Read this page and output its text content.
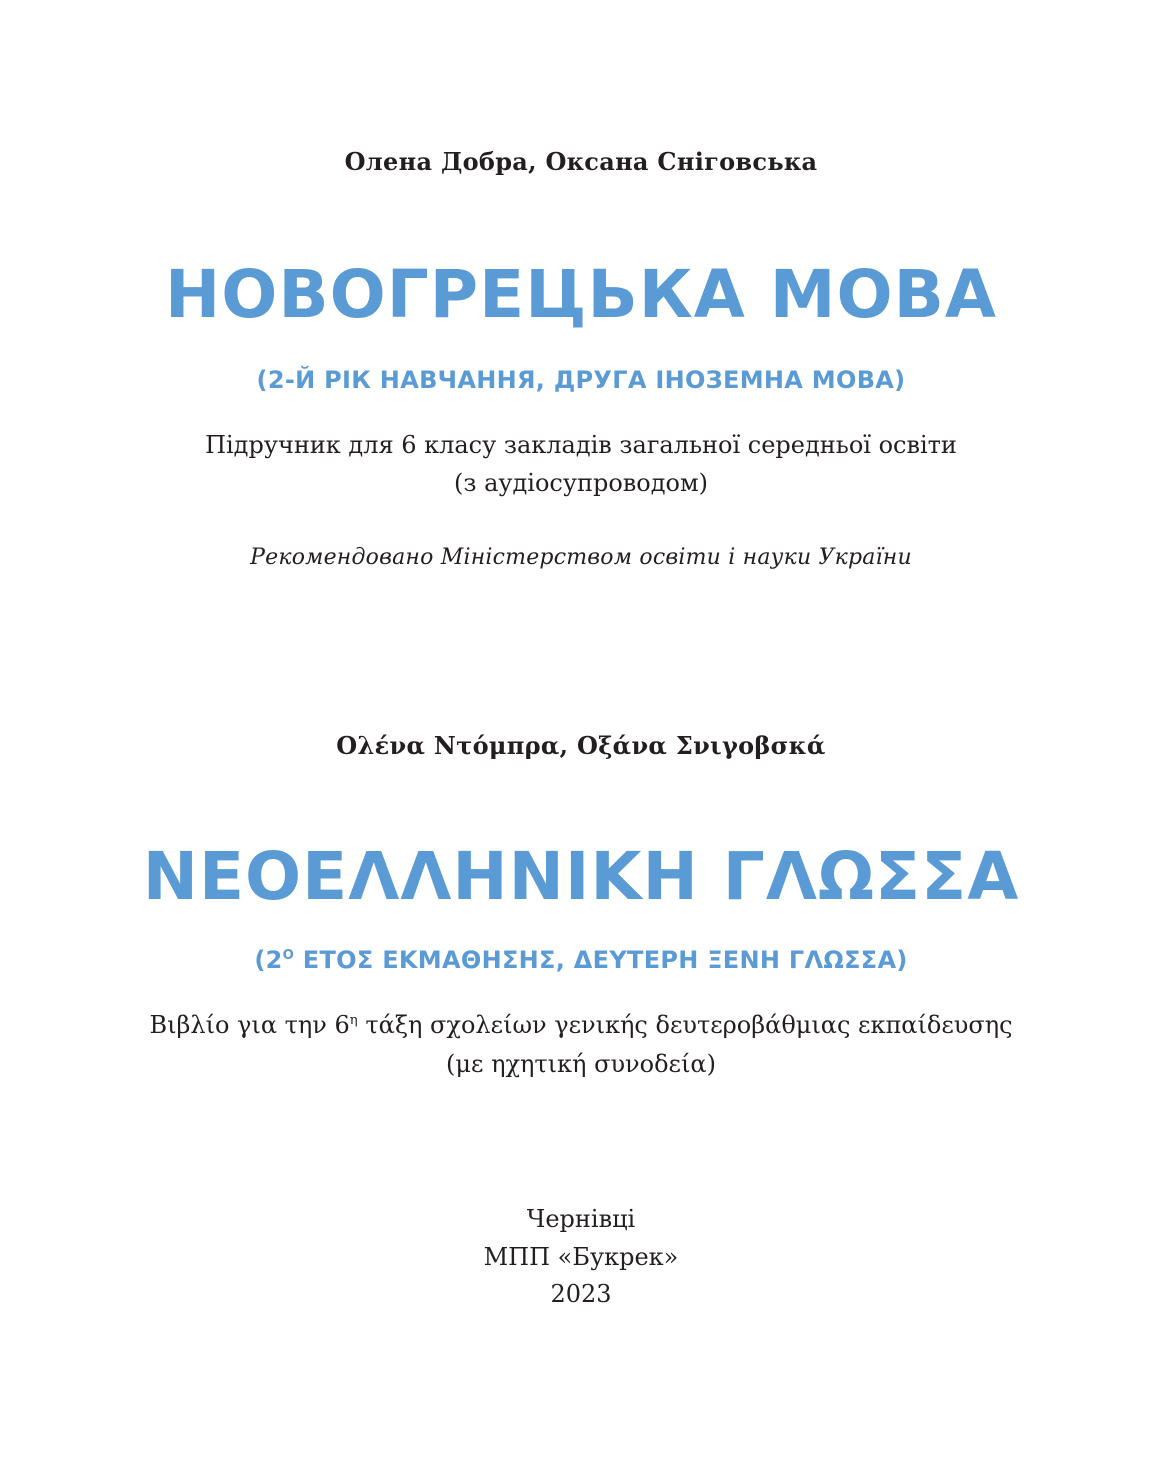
Олена Добра, Оксана Сніговська
НОВОГРЕЦЬКА МОВА
(2-Й РІК НАВЧАННЯ, ДРУГА ІНОЗЕМНА МОВА)
Підручник для 6 класу закладів загальної середньої освіти
(з аудіосупроводом)
Рекомендовано Міністерством освіти і науки України
Ολένα Ντόμπρα, Οξάνα Σνιγοβσκά
ΝΕΟΕΛΛΗΝΙΚΗ ΓΛΩΣΣΑ
($2^O$ ΕΤΟΣ ΕΚΜΑΘΗΣΗΣ, ΔΕΥΤΕΡΗ ΞΕΝΗ ΓΛΩΣΣΑ)
Βιβλίο για την $6^\eta$ τάξη σχολείων γενικής δευτεροβάθμιας εκπαίδευσης
(με ηχητική συνοδεία)
Чернівці
МПП «Букрек»
2023
